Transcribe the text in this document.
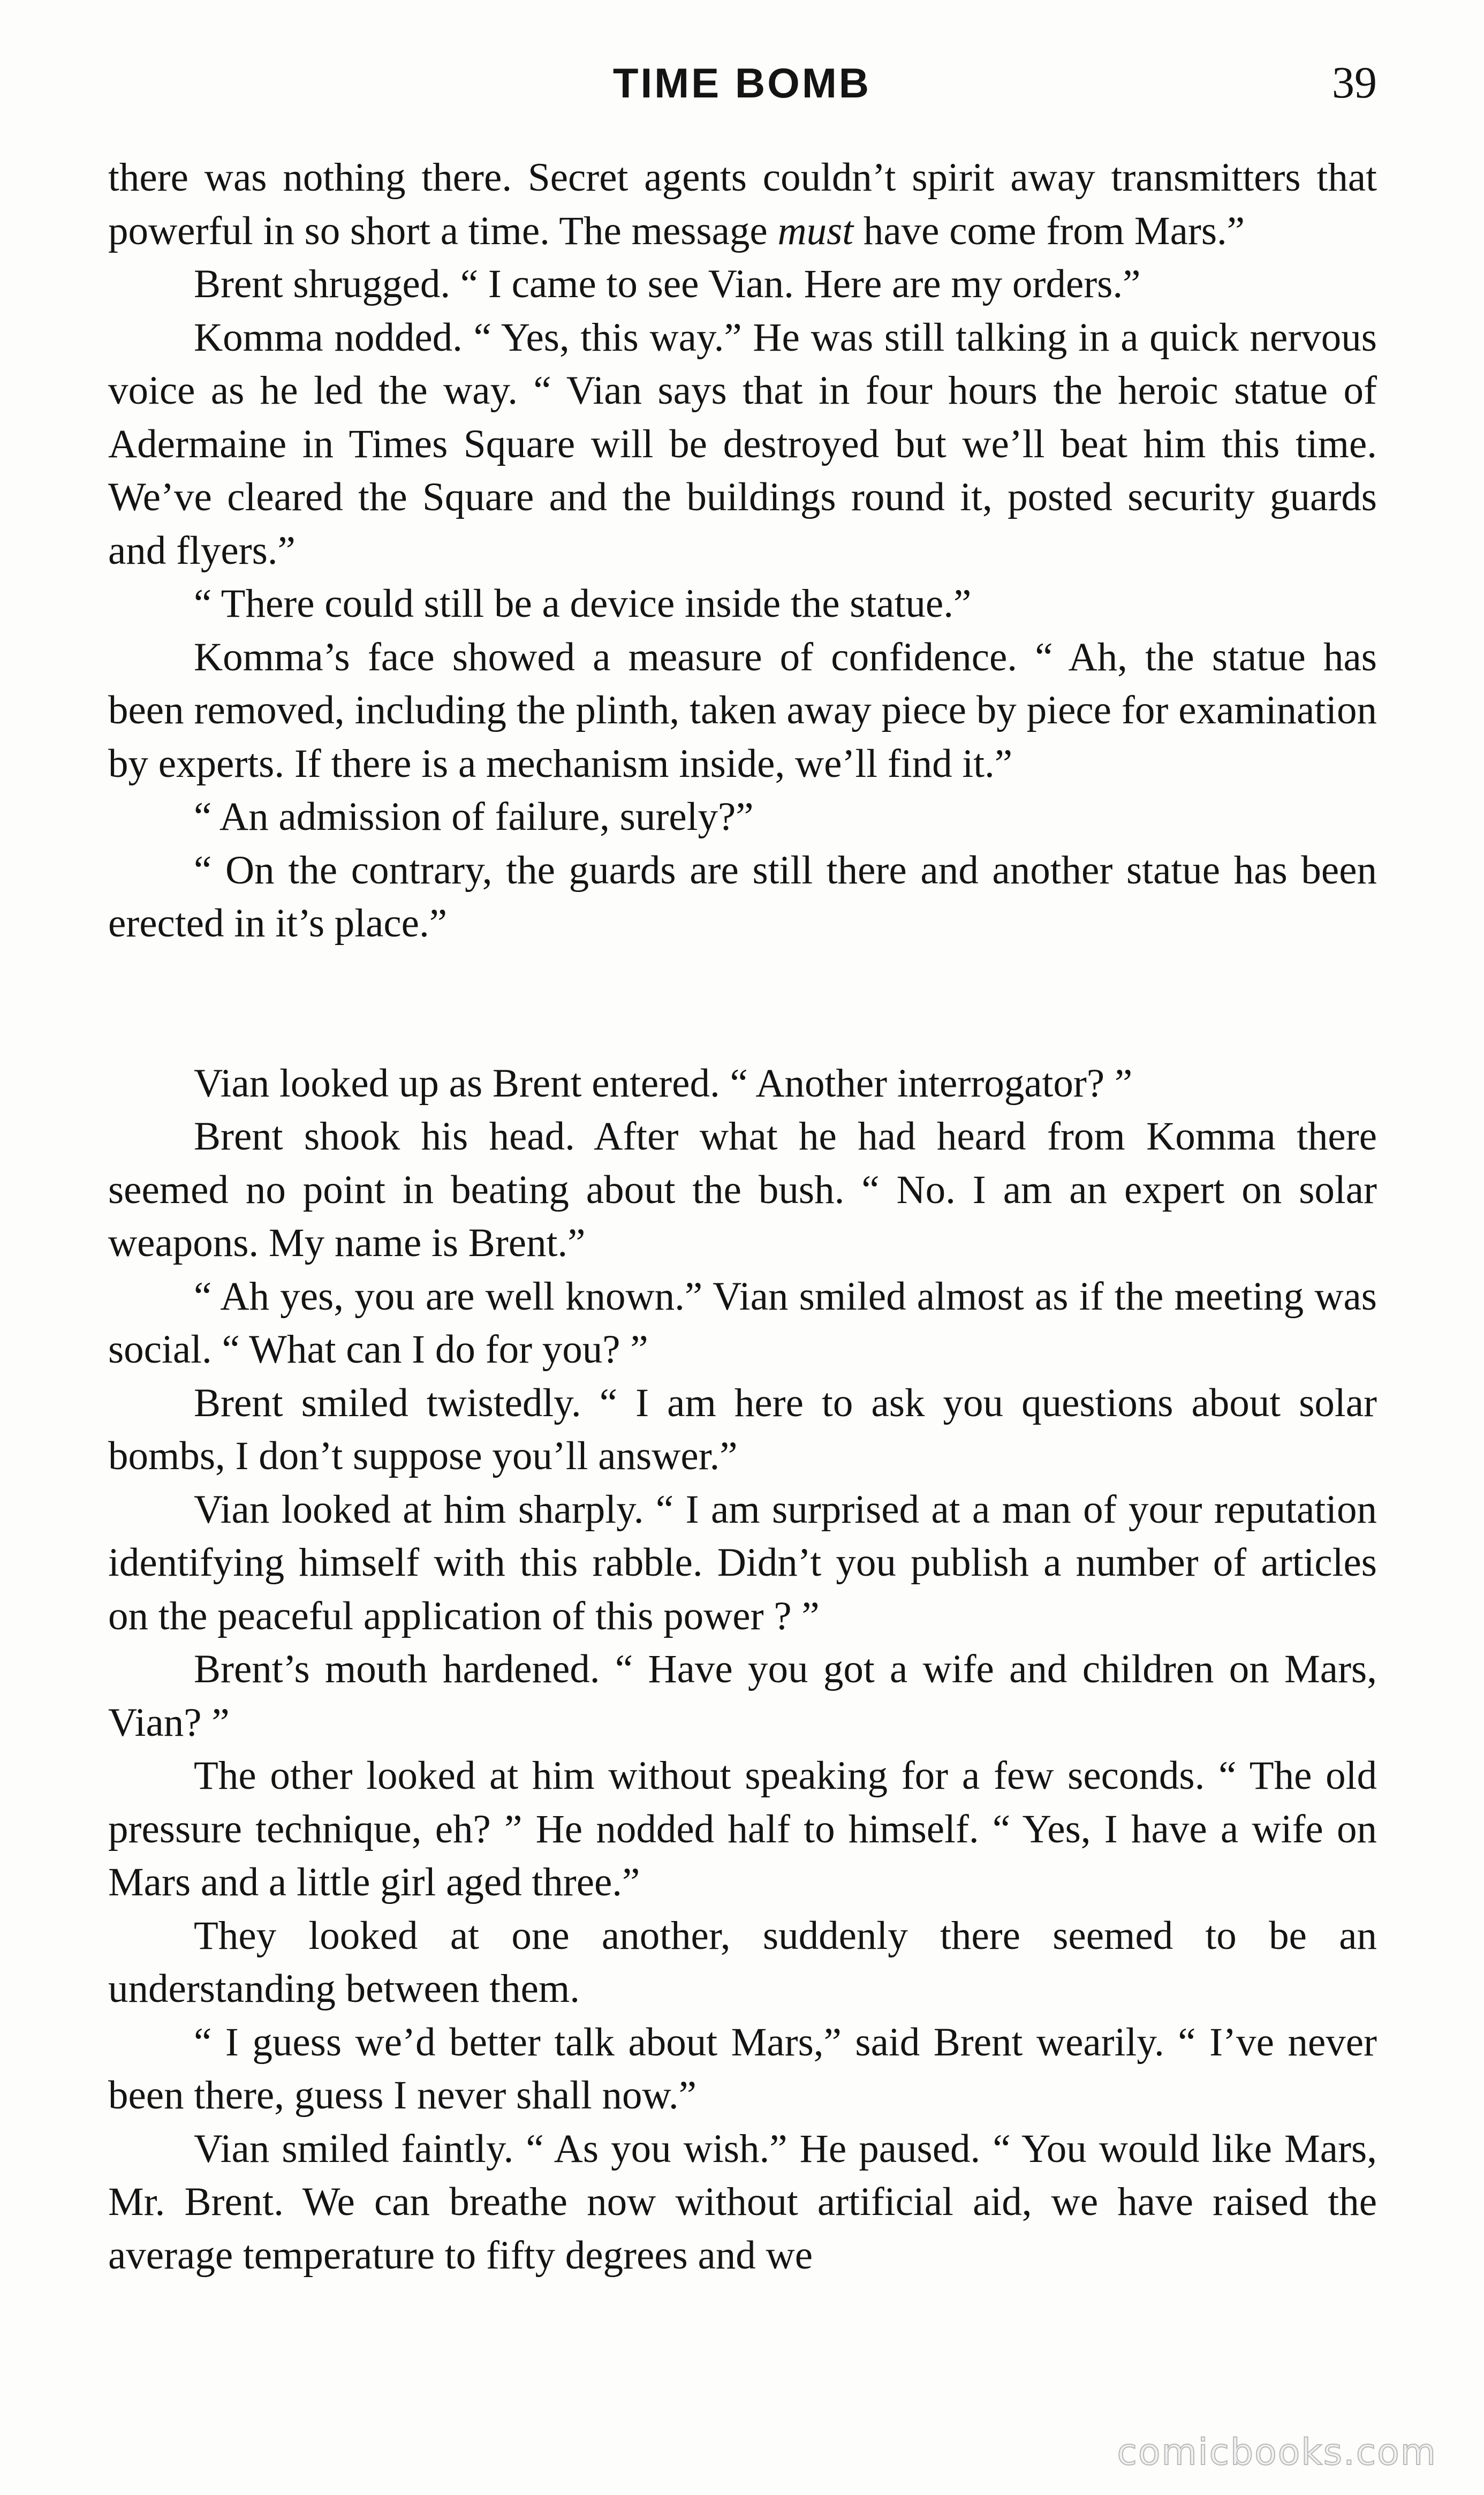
TIME BOMB	39

there was nothing there. Secret agents couldn’t spirit away transmitters that powerful in so short a time. The message must have come from Mars.”

Brent shrugged. “ I came to see Vian. Here are my orders.”

Komma nodded. “ Yes, this way.” He was still talking in a quick nervous voice as he led the way. “ Vian says that in four hours the heroic statue of Adermaine in Times Square will be destroyed but we’ll beat him this time. We’ve cleared the Square and the buildings round it, posted security guards and flyers.”

“ There could still be a device inside the statue.”

Komma’s face showed a measure of confidence. “ Ah, the statue has been removed, including the plinth, taken away piece by piece for examination by experts. If there is a mechanism inside, we’ll find it.”

“ An admission of failure, surely?”

“ On the contrary, the guards are still there and another statue has been erected in it’s place.”

Vian looked up as Brent entered. “ Another interrogator? ”

Brent shook his head. After what he had heard from Komma there seemed no point in beating about the bush. “ No. I am an expert on solar weapons. My name is Brent.”

“ Ah yes, you are well known.” Vian smiled almost as if the meeting was social. “ What can I do for you? ”

Brent smiled twistedly. “ I am here to ask you questions about solar bombs, I don’t suppose you’ll answer.”

Vian looked at him sharply. “ I am surprised at a man of your reputation identifying himself with this rabble. Didn’t you publish a number of articles on the peaceful application of this power ? ”

Brent’s mouth hardened. “ Have you got a wife and children on Mars, Vian? ”

The other looked at him without speaking for a few seconds. “ The old pressure technique, eh? ” He nodded half to himself. “ Yes, I have a wife on Mars and a little girl aged three.”

They looked at one another, suddenly there seemed to be an understanding between them.

“ I guess we’d better talk about Mars,” said Brent wearily. “ I’ve never been there, guess I never shall now.”

Vian smiled faintly. “ As you wish.” He paused. “ You would like Mars, Mr. Brent. We can breathe now without artificial aid, we have raised the average temperature to fifty degrees and we

comicbooks.com
